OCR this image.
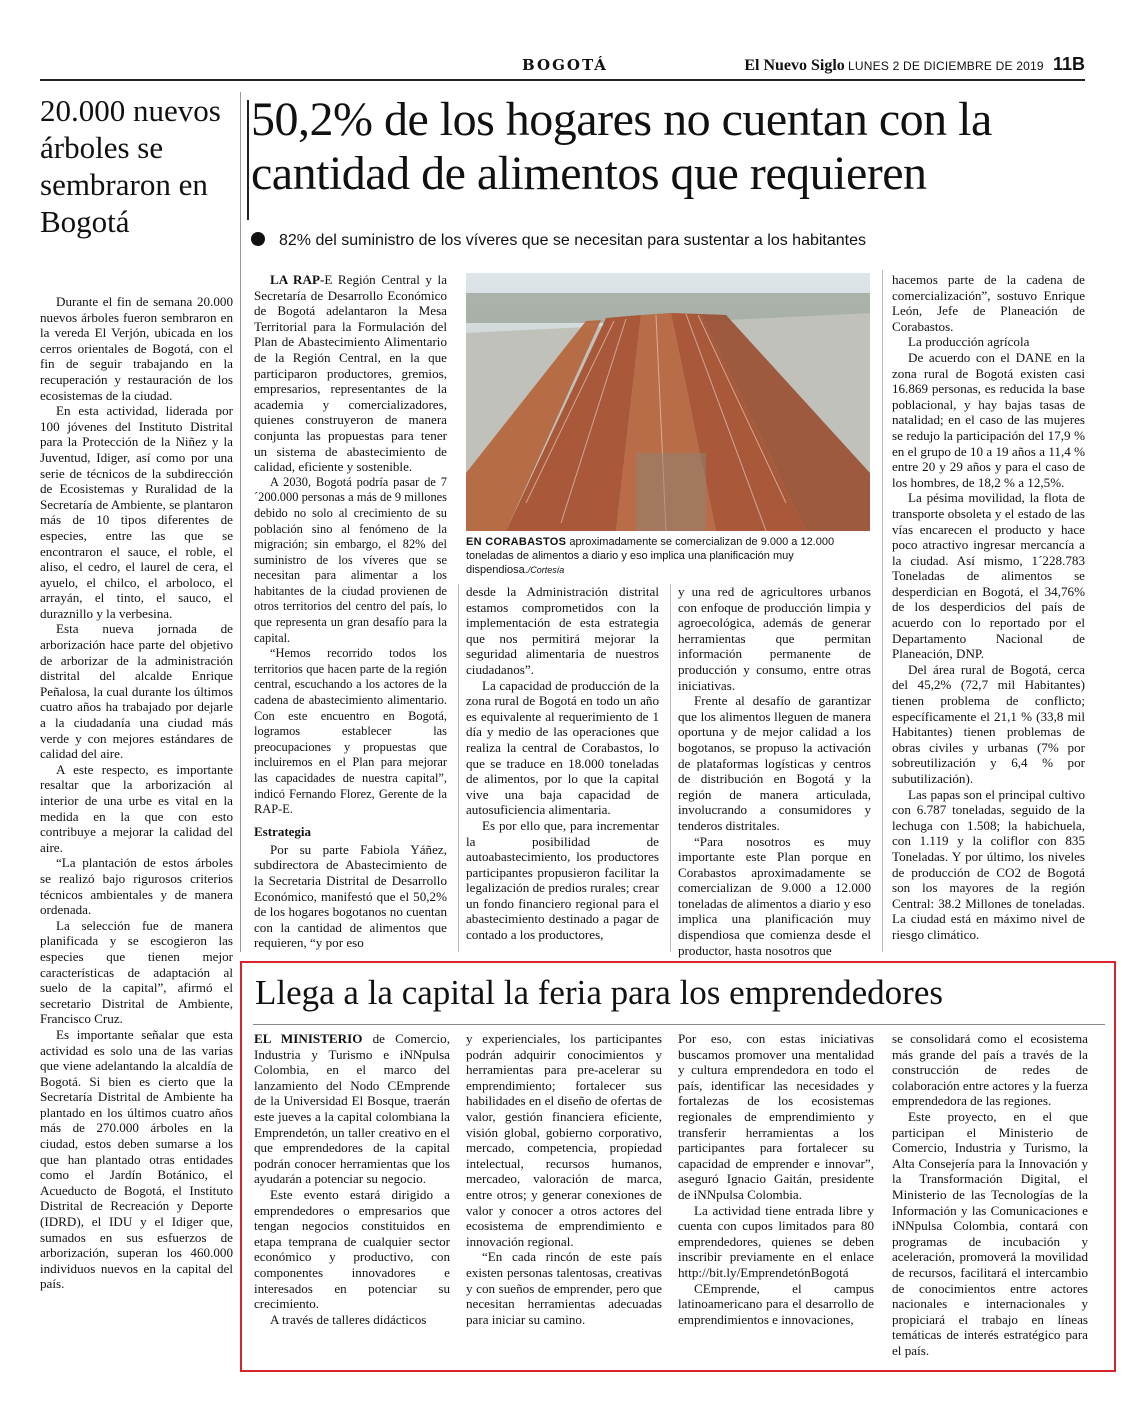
BOGOTÁ	El Nuevo Siglo LUNES 2 DE DICIEMBRE DE 2019 11B
20.000 nuevos árboles se sembraron en Bogotá

Durante el fin de semana 20.000 nuevos árboles fueron sembraron en la vereda El Verjón, ubicada en los cerros orientales de Bogotá, con el fin de seguir trabajando en la recuperación y restauración de los ecosistemas de la ciudad.

En esta actividad, liderada por 100 jóvenes del Instituto Distrital para la Protección de la Niñez y la Juventud, Idiger, así como por una serie de técnicos de la subdirección de Ecosistemas y Ruralidad de la Secretaría de Ambiente, se plantaron más de 10 tipos diferentes de especies, entre las que se encontraron el sauce, el roble, el aliso, el cedro, el laurel de cera, el ayuelo, el chilco, el arboloco, el arrayán, el tinto, el sauco, el duraznillo y la verbesina.

Esta nueva jornada de arborización hace parte del objetivo de arborizar de la administración distrital del alcalde Enrique Peñalosa, la cual durante los últimos cuatro años ha trabajado por dejarle a la ciudadanía una ciudad más verde y con mejores estándares de calidad del aire.

A este respecto, es importante resaltar que la arborización al interior de una urbe es vital en la medida en la que con esto contribuye a mejorar la calidad del aire.

“La plantación de estos árboles se realizó bajo rigurosos criterios técnicos ambientales y de manera ordenada.

La selección fue de manera planificada y se escogieron las especies que tienen mejor características de adaptación al suelo de la capital”, afirmó el secretario Distrital de Ambiente, Francisco Cruz.

Es importante señalar que esta actividad es solo una de las varias que viene adelantando la alcaldía de Bogotá. Si bien es cierto que la Secretaría Distrital de Ambiente ha plantado en los últimos cuatro años más de 270.000 árboles en la ciudad, estos deben sumarse a los que han plantado otras entidades como el Jardín Botánico, el Acueducto de Bogotá, el Instituto Distrital de Recreación y Deporte (IDRD), el IDU y el Idiger que, sumados en sus esfuerzos de arborización, superan los 460.000 individuos nuevos en la capital del país.

50,2% de los hogares no cuentan con la cantidad de alimentos que requieren
82% del suministro de los víveres que se necesitan para sustentar a los habitantes

LA RAP-E Región Central y la Secretaría de Desarrollo Económico de Bogotá adelantaron la Mesa Territorial para la Formulación del Plan de Abastecimiento Alimentario de la Región Central, en la que participaron productores, gremios, empresarios, representantes de la academia y comercializadores, quienes construyeron de manera conjunta las propuestas para tener un sistema de abastecimiento de calidad, eficiente y sostenible.

A 2030, Bogotá podría pasar de 7´200.000 personas a más de 9 millones debido no solo al crecimiento de su población sino al fenómeno de la migración; sin embargo, el 82% del suministro de los víveres que se necesitan para alimentar a los habitantes de la ciudad provienen de otros territorios del centro del país, lo que representa un gran desafío para la capital.

“Hemos recorrido todos los territorios que hacen parte de la región central, escuchando a los actores de la cadena de abastecimiento alimentario. Con este encuentro en Bogotá, logramos establecer las preocupaciones y propuestas que incluiremos en el Plan para mejorar las capacidades de nuestra capital”, indicó Fernando Florez, Gerente de la RAP-E.

Estrategia

Por su parte Fabiola Yáñez, subdirectora de Abastecimiento de la Secretaria Distrital de Desarrollo Económico, manifestó que el 50,2% de los hogares bogotanos no cuentan con la cantidad de alimentos que requieren, “y por eso

EN CORABASTOS aproximadamente se comercializan de 9.000 a 12.000 toneladas de alimentos a diario y eso implica una planificación muy dispendiosa./Cortesía

desde la Administración distrital estamos comprometidos con la implementación de esta estrategia que nos permitirá mejorar la seguridad alimentaria de nuestros ciudadanos”.

La capacidad de producción de la zona rural de Bogotá en todo un año es equivalente al requerimiento de 1 día y medio de las operaciones que realiza la central de Corabastos, lo que se traduce en 18.000 toneladas de alimentos, por lo que la capital vive una baja capacidad de autosuficiencia alimentaria.

Es por ello que, para incrementar la posibilidad de autoabastecimiento, los productores participantes propusieron facilitar la legalización de predios rurales; crear un fondo financiero regional para el abastecimiento destinado a pagar de contado a los productores,

y una red de agricultores urbanos con enfoque de producción limpia y agroecológica, además de generar herramientas que permitan información permanente de producción y consumo, entre otras iniciativas.

Frente al desafío de garantizar que los alimentos lleguen de manera oportuna y de mejor calidad a los bogotanos, se propuso la activación de plataformas logísticas y centros de distribución en Bogotá y la región de manera articulada, involucrando a consumidores y tenderos distritales.

“Para nosotros es muy importante este Plan porque en Corabastos aproximadamente se comercializan de 9.000 a 12.000 toneladas de alimentos a diario y eso implica una planificación muy dispendiosa que comienza desde el productor, hasta nosotros que

hacemos parte de la cadena de comercialización”, sostuvo Enrique León, Jefe de Planeación de Corabastos.

La producción agrícola

De acuerdo con el DANE en la zona rural de Bogotá existen casi 16.869 personas, es reducida la base poblacional, y hay bajas tasas de natalidad; en el caso de las mujeres se redujo la participación del 17,9 % en el grupo de 10 a 19 años a 11,4 % entre 20 y 29 años y para el caso de los hombres, de 18,2 % a 12,5%.

La pésima movilidad, la flota de transporte obsoleta y el estado de las vías encarecen el producto y hace poco atractivo ingresar mercancía a la ciudad. Así mismo, 1´228.783 Toneladas de alimentos se desperdician en Bogotá, el 34,76% de los desperdicios del país de acuerdo con lo reportado por el Departamento Nacional de Planeación, DNP.

Del área rural de Bogotá, cerca del 45,2% (72,7 mil Habitantes) tienen problema de conflicto; específicamente el 21,1 % (33,8 mil Habitantes) tienen problemas de obras civiles y urbanas (7% por sobreutilización y 6,4 % por subutilización).

Las papas son el principal cultivo con 6.787 toneladas, seguido de la lechuga con 1.508; la habichuela, con 1.119 y la coliflor con 835 Toneladas. Y por último, los niveles de producción de CO2 de Bogotá son los mayores de la región Central: 38.2 Millones de toneladas. La ciudad está en máximo nivel de riesgo climático.

Llega a la capital la feria para los emprendedores

EL MINISTERIO de Comercio, Industria y Turismo e iNNpulsa Colombia, en el marco del lanzamiento del Nodo CEmprende de la Universidad El Bosque, traerán este jueves a la capital colombiana la Emprendetón, un taller creativo en el que emprendedores de la capital podrán conocer herramientas que los ayudarán a potenciar su negocio.

Este evento estará dirigido a emprendedores o empresarios que tengan negocios constituidos en etapa temprana de cualquier sector económico y productivo, con componentes innovadores e interesados en potenciar su crecimiento.

A través de talleres didácticos

y experienciales, los participantes podrán adquirir conocimientos y herramientas para pre-acelerar su emprendimiento; fortalecer sus habilidades en el diseño de ofertas de valor, gestión financiera eficiente, visión global, gobierno corporativo, mercado, competencia, propiedad intelectual, recursos humanos, mercadeo, valoración de marca, entre otros; y generar conexiones de valor y conocer a otros actores del ecosistema de emprendimiento e innovación regional.

“En cada rincón de este país existen personas talentosas, creativas y con sueños de emprender, pero que necesitan herramientas adecuadas para iniciar su camino.

Por eso, con estas iniciativas buscamos promover una mentalidad y cultura emprendedora en todo el país, identificar las necesidades y fortalezas de los ecosistemas regionales de emprendimiento y transferir herramientas a los participantes para fortalecer su capacidad de emprender e innovar”, aseguró Ignacio Gaitán, presidente de iNNpulsa Colombia.

La actividad tiene entrada libre y cuenta con cupos limitados para 80 emprendedores, quienes se deben inscribir previamente en el enlace http://bit.ly/EmprendetónBogotá

CEmprende, el campus latinoamericano para el desarrollo de emprendimientos e innovaciones,

se consolidará como el ecosistema más grande del país a través de la construcción de redes de colaboración entre actores y la fuerza emprendedora de las regiones.

Este proyecto, en el que participan el Ministerio de Comercio, Industria y Turismo, la Alta Consejería para la Innovación y la Transformación Digital, el Ministerio de las Tecnologías de la Información y las Comunicaciones e iNNpulsa Colombia, contará con programas de incubación y aceleración, promoverá la movilidad de recursos, facilitará el intercambio de conocimientos entre actores nacionales e internacionales y propiciará el trabajo en líneas temáticas de interés estratégico para el país.
